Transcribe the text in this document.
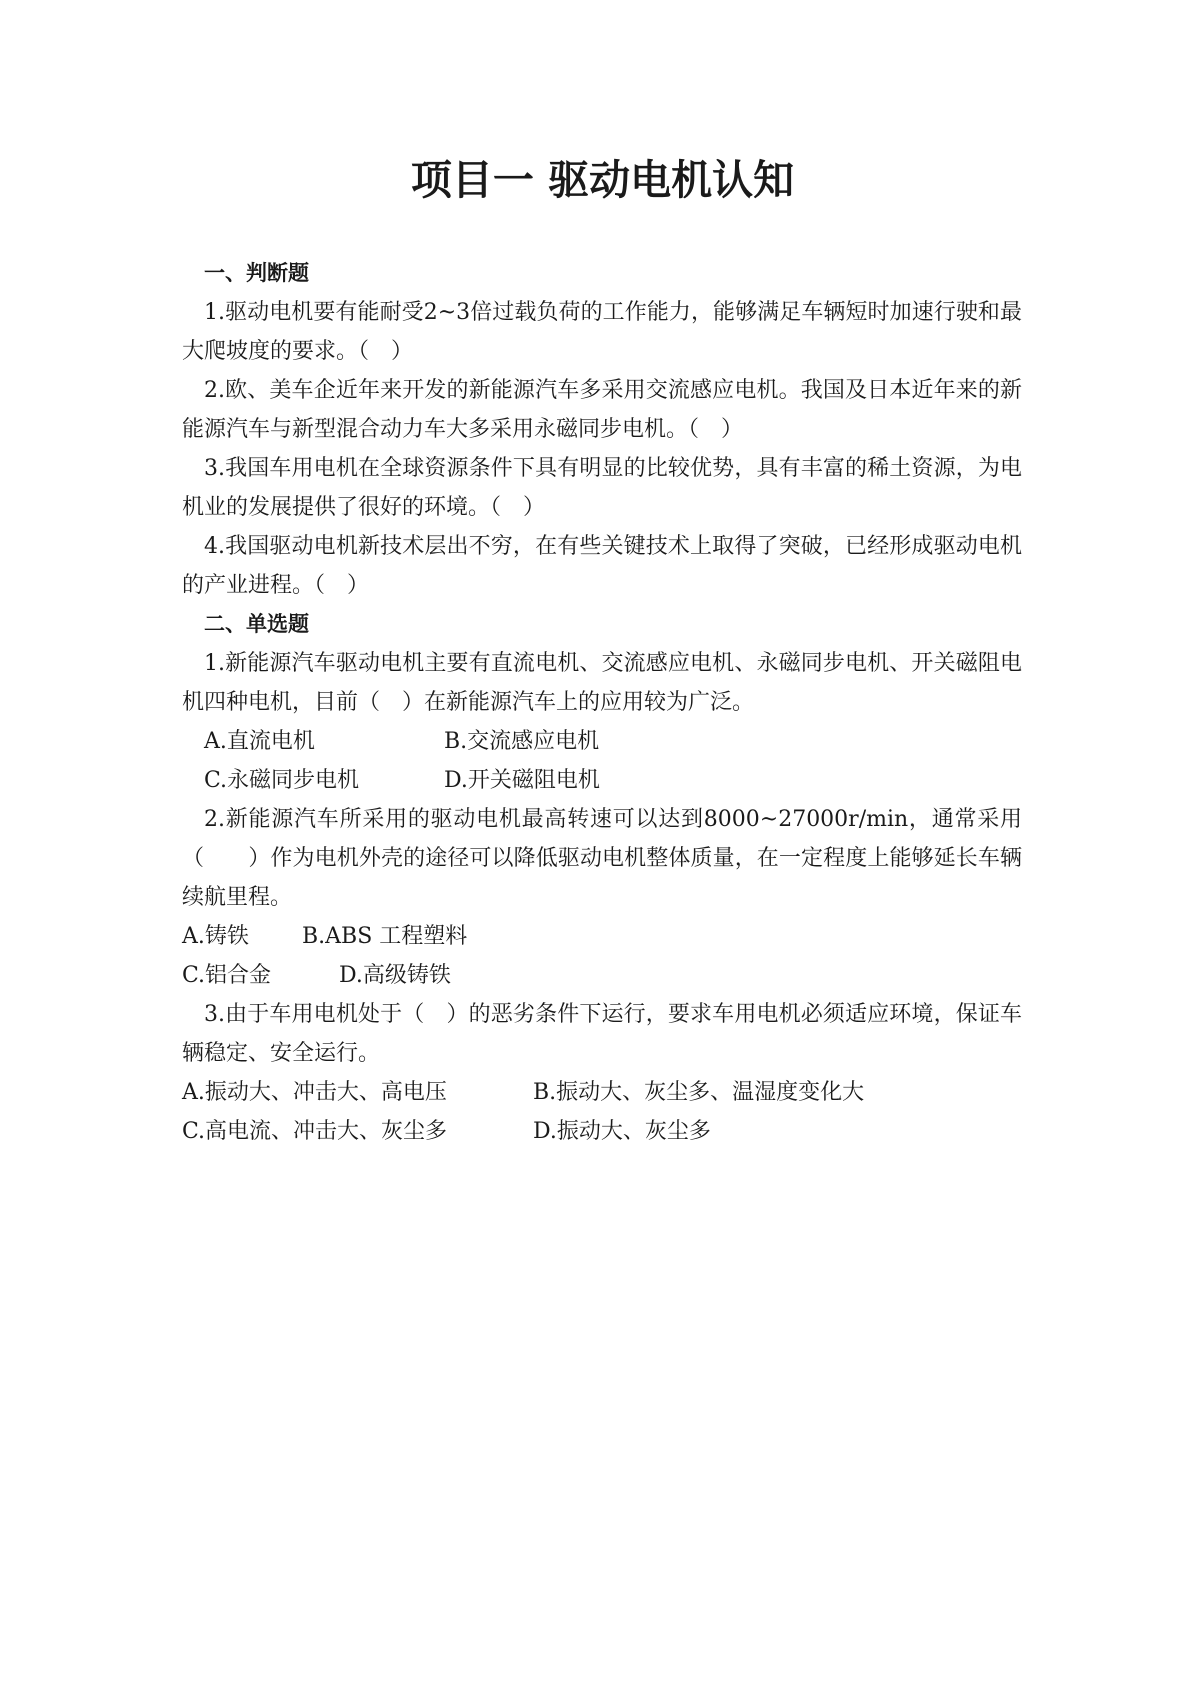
项目一 驱动电机认知
一、判断题

1.驱动电机要有能耐受2~3倍过载负荷的工作能力，能够满足车辆短时加速行驶和最大爬坡度的要求。（　）

2.欧、美车企近年来开发的新能源汽车多采用交流感应电机。我国及日本近年来的新能源汽车与新型混合动力车大多采用永磁同步电机。（　）

3.我国车用电机在全球资源条件下具有明显的比较优势，具有丰富的稀土资源，为电机业的发展提供了很好的环境。（　）

4.我国驱动电机新技术层出不穷，在有些关键技术上取得了突破，已经形成驱动电机的产业进程。（　）

二、单选题

1.新能源汽车驱动电机主要有直流电机、交流感应电机、永磁同步电机、开关磁阻电机四种电机，目前（　）在新能源汽车上的应用较为广泛。

A.直流电机	B.交流感应电机
C.永磁同步电机	D.开关磁阻电机

2.新能源汽车所采用的驱动电机最高转速可以达到8000~27000r/min，通常采用（　　）作为电机外壳的途径可以降低驱动电机整体质量，在一定程度上能够延长车辆续航里程。

A.铸铁	B.ABS 工程塑料
C.铝合金	D.高级铸铁

3.由于车用电机处于（　）的恶劣条件下运行，要求车用电机必须适应环境，保证车辆稳定、安全运行。

A.振动大、冲击大、高电压	B.振动大、灰尘多、温湿度变化大
C.高电流、冲击大、灰尘多	D.振动大、灰尘多
